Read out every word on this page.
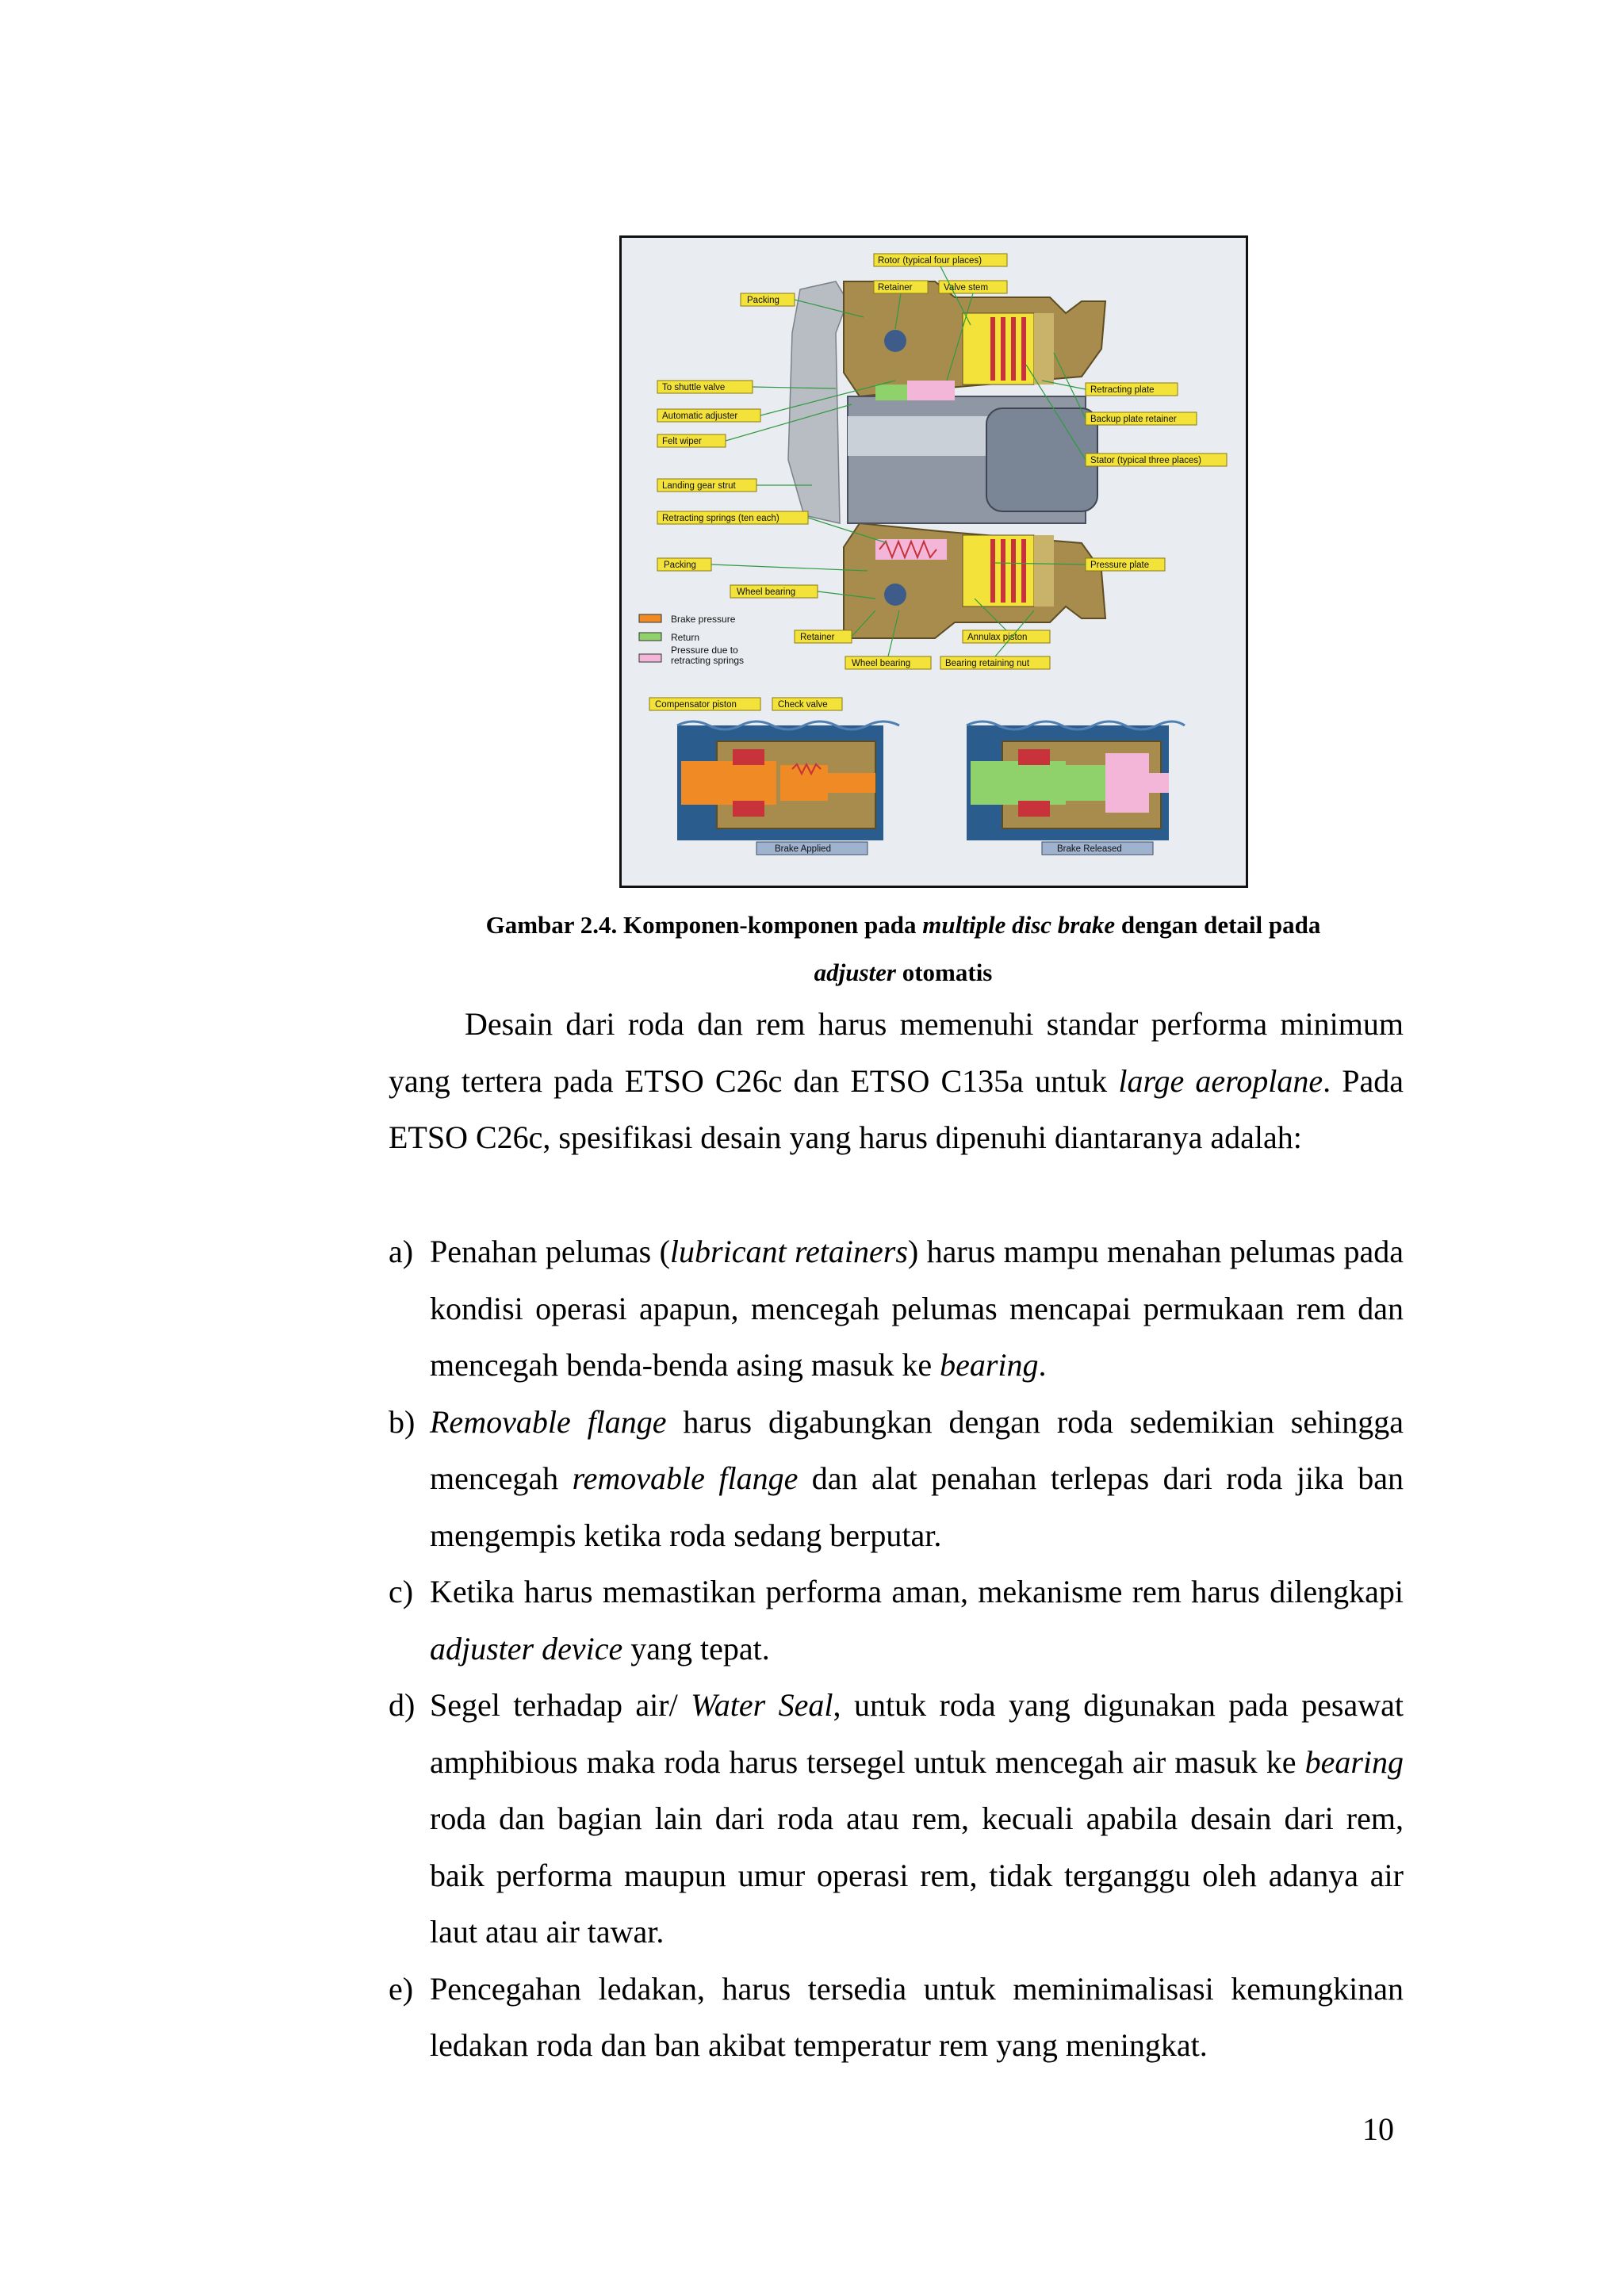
Rotor (typical four places)
Retainer	Valve stem
Packing
To shuttle valve
Automatic adjuster
Felt wiper
Landing gear strut
Retracting springs (ten each)
Packing
Wheel bearing
Retracting plate
Backup plate retainer
Stator (typical three places)
Pressure plate
Retainer	Annulax piston
Wheel bearing	Bearing retaining nut
Compensator piston	Check valve
Brake pressure
Return
Pressure due to
retracting springs
Brake Applied	Brake Released
Gambar 2.4. Komponen-komponen pada multiple disc brake dengan detail pada
adjuster otomatis

Desain dari roda dan rem harus memenuhi standar performa minimum yang tertera pada ETSO C26c dan ETSO C135a untuk large aeroplane. Pada ETSO C26c, spesifikasi desain yang harus dipenuhi diantaranya adalah:

a) Penahan pelumas (lubricant retainers) harus mampu menahan pelumas pada kondisi operasi apapun, mencegah pelumas mencapai permukaan rem dan mencegah benda-benda asing masuk ke bearing.
b) Removable flange harus digabungkan dengan roda sedemikian sehingga mencegah removable flange dan alat penahan terlepas dari roda jika ban mengempis ketika roda sedang berputar.
c) Ketika harus memastikan performa aman, mekanisme rem harus dilengkapi adjuster device yang tepat.
d) Segel terhadap air/ Water Seal, untuk roda yang digunakan pada pesawat amphibious maka roda harus tersegel untuk mencegah air masuk ke bearing roda dan bagian lain dari roda atau rem, kecuali apabila desain dari rem, baik performa maupun umur operasi rem, tidak terganggu oleh adanya air laut atau air tawar.
e) Pencegahan ledakan, harus tersedia untuk meminimalisasi kemungkinan ledakan roda dan ban akibat temperatur rem yang meningkat.
10
